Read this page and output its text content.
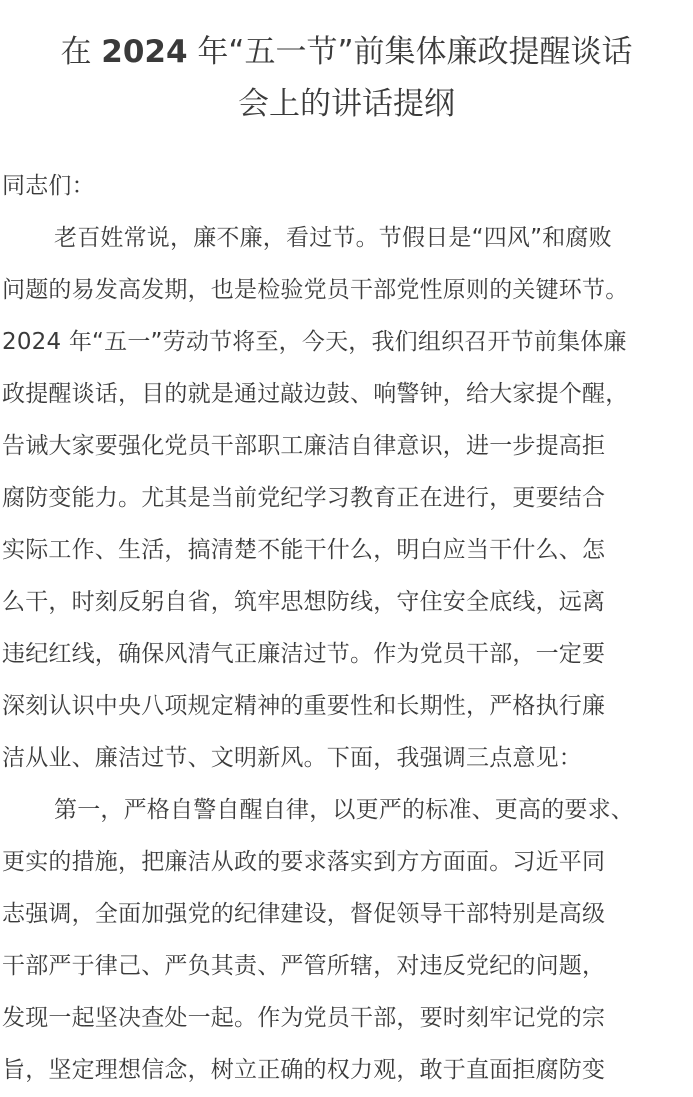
在 2024 年“五一节”前集体廉政提醒谈话
会上的讲话提纲
同志们：
老百姓常说，廉不廉，看过节。节假日是“四风”和腐败
问题的易发高发期，也是检验党员干部党性原则的关键环节。
2024 年“五一”劳动节将至，今天，我们组织召开节前集体廉
政提醒谈话，目的就是通过敲边鼓、响警钟，给大家提个醒，
告诫大家要强化党员干部职工廉洁自律意识，进一步提高拒
腐防变能力。尤其是当前党纪学习教育正在进行，更要结合
实际工作、生活，搞清楚不能干什么，明白应当干什么、怎
么干，时刻反躬自省，筑牢思想防线，守住安全底线，远离
违纪红线，确保风清气正廉洁过节。作为党员干部，一定要
深刻认识中央八项规定精神的重要性和长期性，严格执行廉
洁从业、廉洁过节、文明新风。下面，我强调三点意见：
第一，严格自警自醒自律，以更严的标准、更高的要求、
更实的措施，把廉洁从政的要求落实到方方面面。习近平同
志强调，全面加强党的纪律建设，督促领导干部特别是高级
干部严于律己、严负其责、严管所辖，对违反党纪的问题，
发现一起坚决查处一起。作为党员干部，要时刻牢记党的宗
旨，坚定理想信念，树立正确的权力观，敢于直面拒腐防变
